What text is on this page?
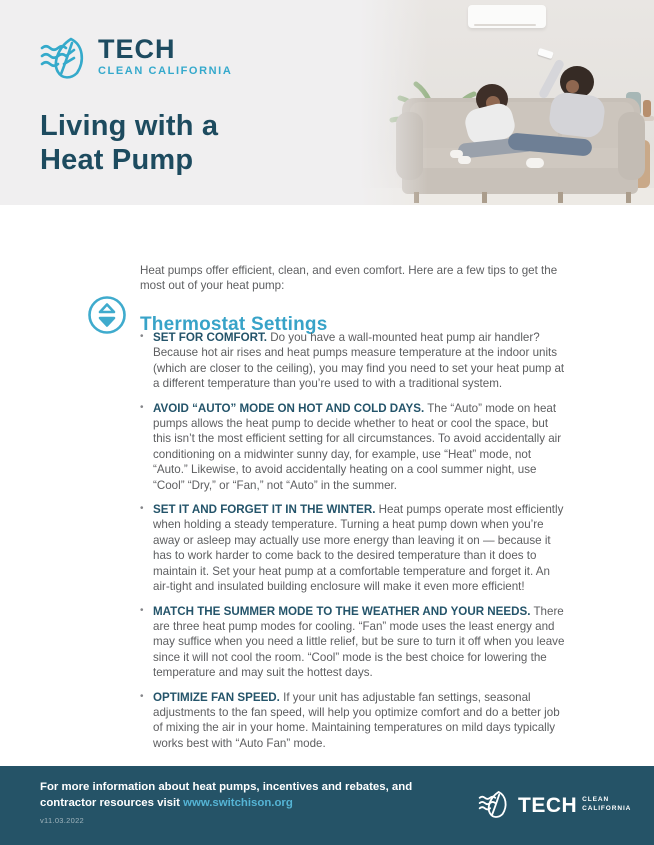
TECH
CLEAN CALIFORNIA
Living with a
Heat Pump

Heat pumps offer efficient, clean, and even comfort. Here are a few tips to get the most out of your heat pump:

Thermostat Settings
• SET FOR COMFORT. Do you have a wall-mounted heat pump air handler? Because hot air rises and heat pumps measure temperature at the indoor units (which are closer to the ceiling), you may find you need to set your heat pump at a different temperature than you’re used to with a traditional system.
• AVOID “AUTO” MODE ON HOT AND COLD DAYS. The “Auto” mode on heat pumps allows the heat pump to decide whether to heat or cool the space, but this isn’t the most efficient setting for all circumstances. To avoid accidentally air conditioning on a midwinter sunny day, for example, use “Heat” mode, not “Auto.” Likewise, to avoid accidentally heating on a cool summer night, use “Cool” “Dry,” or “Fan,” not “Auto” in the summer.
• SET IT AND FORGET IT IN THE WINTER. Heat pumps operate most efficiently when holding a steady temperature. Turning a heat pump down when you’re away or asleep may actually use more energy than leaving it on — because it has to work harder to come back to the desired temperature than it does to maintain it. Set your heat pump at a comfortable temperature and forget it. An air-tight and insulated building enclosure will make it even more efficient!
• MATCH THE SUMMER MODE TO THE WEATHER AND YOUR NEEDS. There are three heat pump modes for cooling. “Fan” mode uses the least energy and may suffice when you need a little relief, but be sure to turn it off when you leave since it will not cool the room. “Cool” mode is the best choice for lowering the temperature and may suit the hottest days.
• OPTIMIZE FAN SPEED. If your unit has adjustable fan settings, seasonal adjustments to the fan speed, will help you optimize comfort and do a better job of mixing the air in your home. Maintaining temperatures on mild days typically works best with “Auto Fan” mode.
For more information about heat pumps, incentives and rebates, and contractor resources visit www.switchison.org
v11.03.2022
TECH CLEAN
CALIFORNIA
